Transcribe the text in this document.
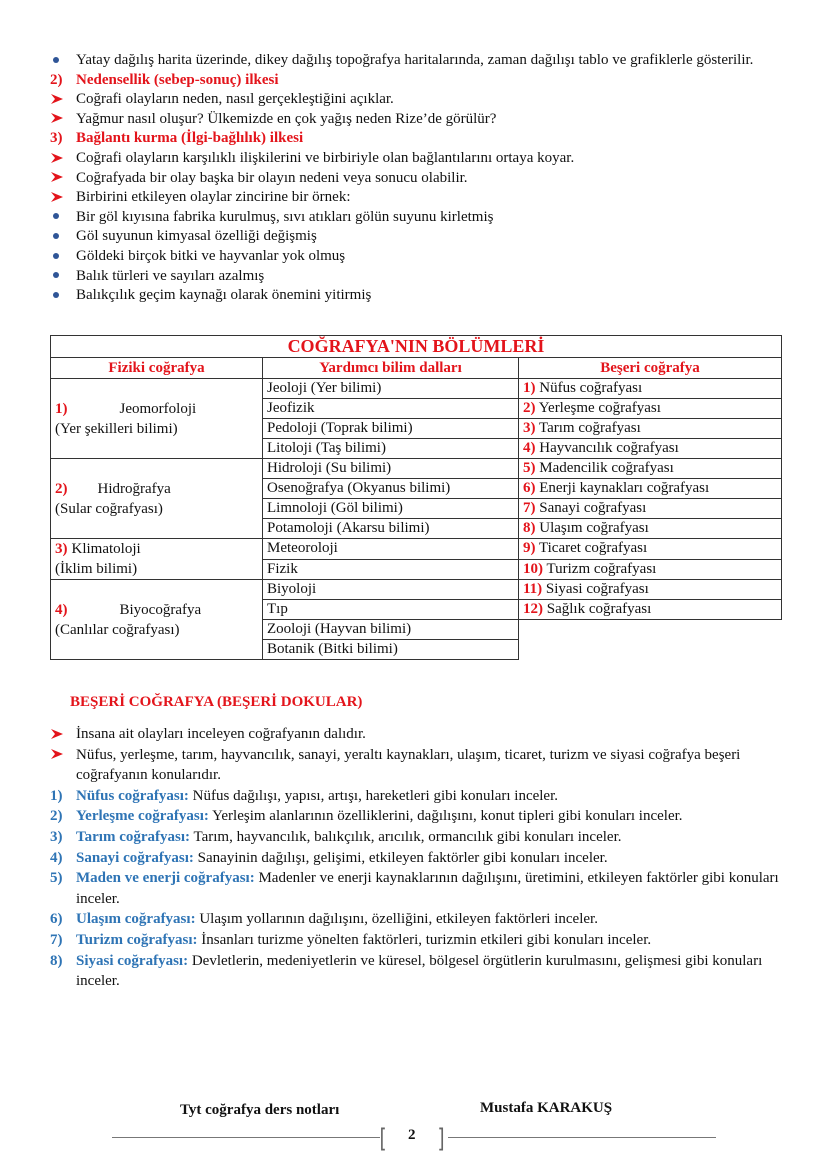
Yatay dağılış harita üzerinde, dikey dağılış topoğrafya haritalarında, zaman dağılışı tablo ve grafiklerle gösterilir.
2) Nedensellik (sebep-sonuç) ilkesi
Coğrafi olayların neden, nasıl gerçekleştiğini açıklar.
Yağmur nasıl oluşur? Ülkemizde en çok yağış neden Rize’de görülür?
3) Bağlantı kurma (İlgi-bağlılık) ilkesi
Coğrafi olayların karşılıklı ilişkilerini ve birbiriyle olan bağlantılarını ortaya koyar.
Coğrafyada bir olay başka bir olayın nedeni veya sonucu olabilir.
Birbirini etkileyen olaylar zincirine bir örnek:
Bir göl kıyısına fabrika kurulmuş, sıvı atıkları gölün suyunu kirletmiş
Göl suyunun kimyasal özelliği değişmiş
Göldeki birçok bitki ve hayvanlar yok olmuş
Balık türleri ve sayıları azalmış
Balıkçılık geçim kaynağı olarak önemini yitirmiş
COĞRAFYA'NIN BÖLÜMLERİ		
Fiziki coğrafya	Yardımcı bilim dalları	Beşeri coğrafya
1) Jeomorfoloji
(Yer şekilleri bilimi)	Jeoloji (Yer bilimi)	1) Nüfus coğrafyası
	Jeofizik	2) Yerleşme coğrafyası
	Pedoloji (Toprak bilimi)	3) Tarım coğrafyası
	Litoloji (Taş bilimi)	4) Hayvancılık coğrafyası
2) Hidroğrafya
(Sular coğrafyası)	Hidroloji (Su bilimi)	5) Madencilik coğrafyası
	Osenoğrafya (Okyanus bilimi)	6) Enerji kaynakları coğrafyası
	Limnoloji (Göl bilimi)	7) Sanayi coğrafyası
	Potamoloji (Akarsu bilimi)	8) Ulaşım coğrafyası
3) Klimatoloji
(İklim bilimi)	Meteoroloji	9) Ticaret coğrafyası
	Fizik	10) Turizm coğrafyası
4) Biyocoğrafya
(Canlılar coğrafyası)	Biyoloji	11) Siyasi coğrafyası
	Tıp	12) Sağlık coğrafyası
	Zooloji (Hayvan bilimi)	
	Botanik (Bitki bilimi)	
BEŞERİ COĞRAFYA (BEŞERİ DOKULAR)
İnsana ait olayları inceleyen coğrafyanın dalıdır.
Nüfus, yerleşme, tarım, hayvancılık, sanayi, yeraltı kaynakları, ulaşım, ticaret, turizm ve siyasi coğrafya beşeri coğrafyanın konularıdır.
1) Nüfus coğrafyası: Nüfus dağılışı, yapısı, artışı, hareketleri gibi konuları inceler.
2) Yerleşme coğrafyası: Yerleşim alanlarının özelliklerini, dağılışını, konut tipleri gibi konuları inceler.
3) Tarım coğrafyası: Tarım, hayvancılık, balıkçılık, arıcılık, ormancılık gibi konuları inceler.
4) Sanayi coğrafyası: Sanayinin dağılışı, gelişimi, etkileyen faktörler gibi konuları inceler.
5) Maden ve enerji coğrafyası: Madenler ve enerji kaynaklarının dağılışını, üretimini, etkileyen faktörler gibi konuları inceler.
6) Ulaşım coğrafyası: Ulaşım yollarının dağılışını, özelliğini, etkileyen faktörleri inceler.
7) Turizm coğrafyası: İnsanları turizme yönelten faktörleri, turizmin etkileri gibi konuları inceler.
8) Siyasi coğrafyası: Devletlerin, medeniyetlerin ve küresel, bölgesel örgütlerin kurulmasını, gelişmesi gibi konuları inceler.
Tyt coğrafya ders notları	Mustafa KARAKUŞ
[ ]
2
